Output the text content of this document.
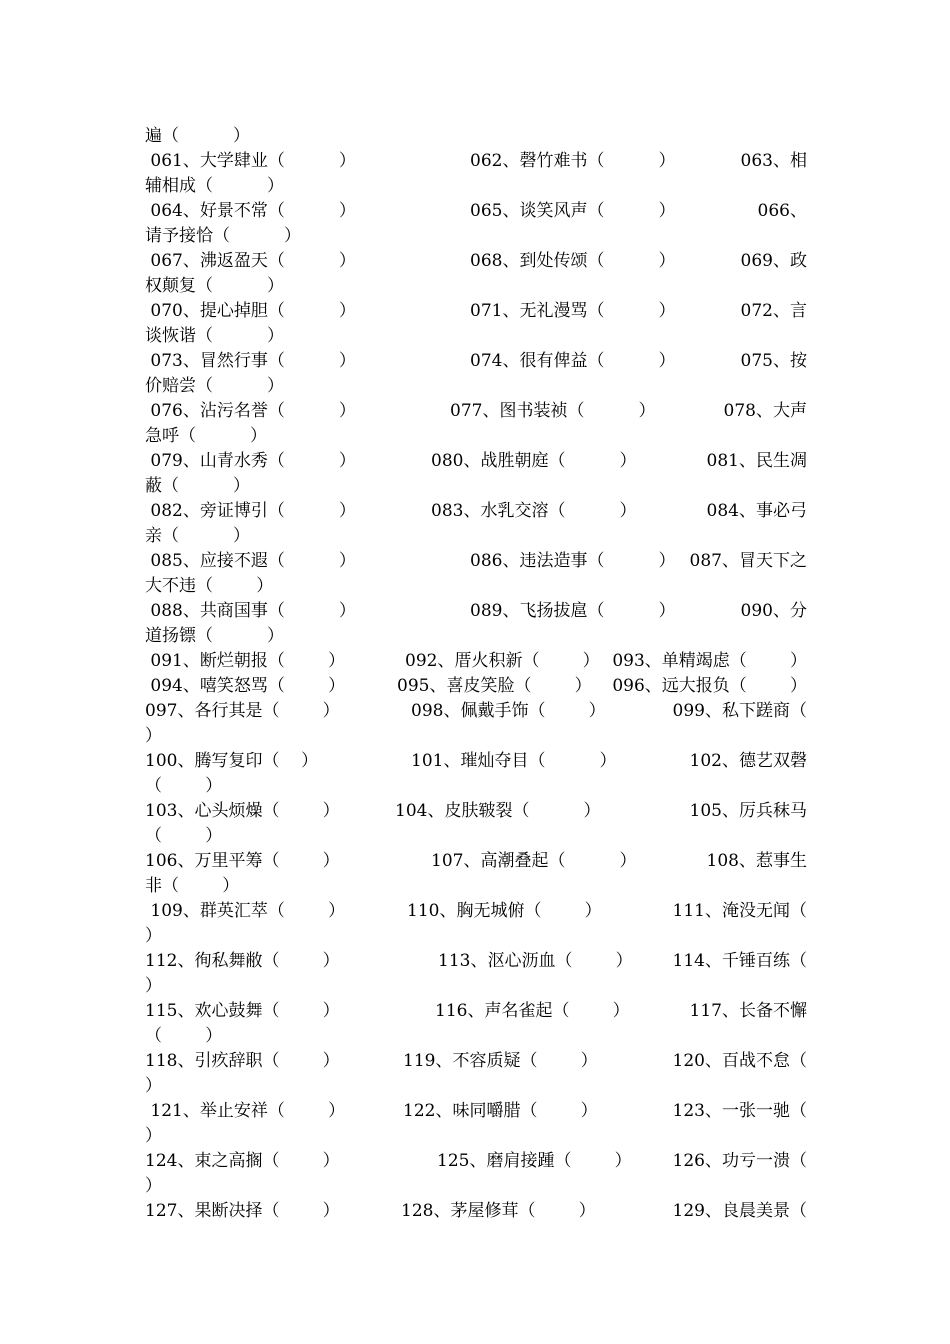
遍（          ）
061、大学肆业（          ）	062、磬竹难书（          ）	063、相
辅相成（          ）
064、好景不常（          ）	065、谈笑风声（          ）	066、
请予接恰（          ）
067、沸返盈天（          ）	068、到处传颂（          ）	069、政
权颠复（          ）
070、提心掉胆（          ）	071、无礼漫骂（          ）	072、言
谈恢谐（          ）
073、冒然行事（          ）	074、很有俾益（          ）	075、按
价赔尝（          ）
076、沾污名誉（          ）	077、图书装祯（          ）	078、大声
急呼（          ）
079、山青水秀（          ）	080、战胜朝庭（          ）	081、民生凋
蔽（          ）
082、旁证博引（          ）	083、水乳交溶（          ）	084、事必弓
亲（          ）
085、应接不遐（          ）	086、违法造事（          ） 087、冒天下之
大不违（        ）
088、共商国事（          ）	089、飞扬拔扈（          ）	090、分
道扬镖（          ）
091、断烂朝报（        ）	092、厝火积新（        ） 093、单精竭虑（        ）
094、嘻笑怒骂（        ）	095、喜皮笑脸（        ） 096、远大报负（        ）
097、各行其是（        ）	098、佩戴手饰（        ）	099、私下蹉商（
）
100、腾写复印（    ）	101、璀灿夺目（          ）	102、德艺双磬
（        ）
103、心头烦燥（        ）	104、皮肤皲裂（          ）	105、厉兵秣马
（        ）
106、万里平筹（        ）	107、高潮叠起（          ）	108、惹事生
非（        ）
109、群英汇萃（        ）	110、胸无城俯（        ）	111、淹没无闻（
）
112、徇私舞敝（        ）	113、沤心沥血（        ） 114、千锤百练（
）
115、欢心鼓舞（        ）	116、声名雀起（        ）	117、长备不懈
（        ）
118、引疚辞职（        ）	119、不容质疑（        ）	120、百战不怠（
）
121、举止安祥（        ）	122、味同嚼腊（        ）	123、一张一驰（
）
124、束之高搁（        ）	125、磨肩接踵（        ） 126、功亏一溃（
）
127、果断决择（        ）	128、茅屋修茸（        ）	129、良晨美景（
